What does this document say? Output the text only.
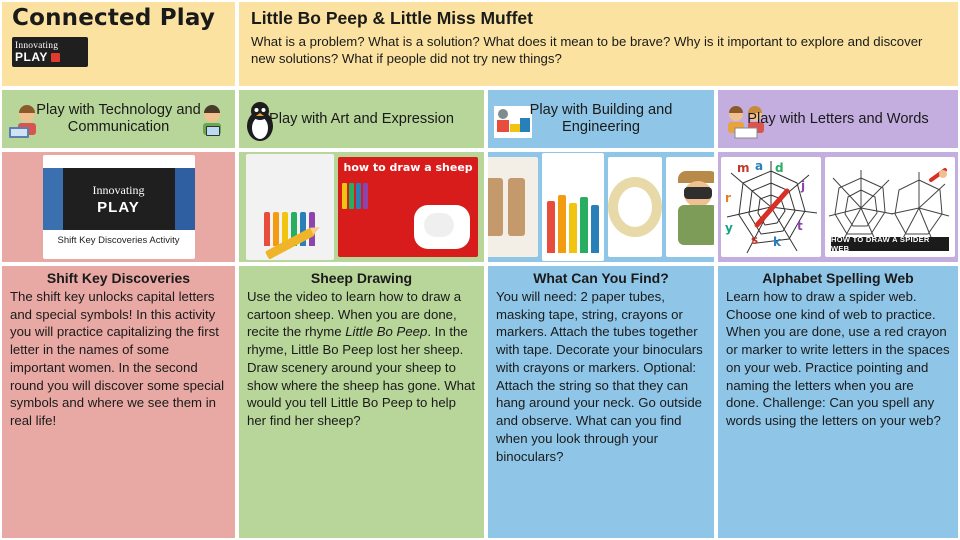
Connected Play
Innovating
PLAY
Little Bo Peep & Little Miss Muffet
What is a problem? What is a solution? What does it mean to be brave? Why is it important to explore and discover new solutions? What if people did not try new things?
Play with Technology and Communication
Innovating
PLAY
Shift Key Discoveries Activity
Shift Key Discoveries
The shift key unlocks capital letters and special symbols! In this activity you will practice capitalizing the first letter in the names of some important women. In the second round you will discover some special symbols and where we see them in real life!
Play with Art and Expression
how to draw a sheep
Sheep Drawing
Use the video to learn how to draw a cartoon sheep. When you are done, recite the rhyme Little Bo Peep. In the rhyme, Little Bo Peep lost her sheep. Draw scenery around your sheep to show where the sheep has gone. What would you tell Little Bo Peep to help her find her sheep?
Play with Building and Engineering
What Can You Find?
You will need: 2 paper tubes, masking tape, string, crayons or markers. Attach the tubes together with tape. Decorate your binoculars with crayons or markers. Optional: Attach the string so that they can hang around your neck. Go outside and observe. What can you find when you look through your binoculars?
Play with Letters and Words
m a d
j
r
y
s k
t
HOW TO DRAW A SPIDER WEB
Alphabet Spelling Web
Learn how to draw a spider web. Choose one kind of web to practice. When you are done, use a red crayon or marker to write letters in the spaces on your web. Practice pointing and naming the letters when you are done. Challenge: Can you spell any words using the letters on your web?
